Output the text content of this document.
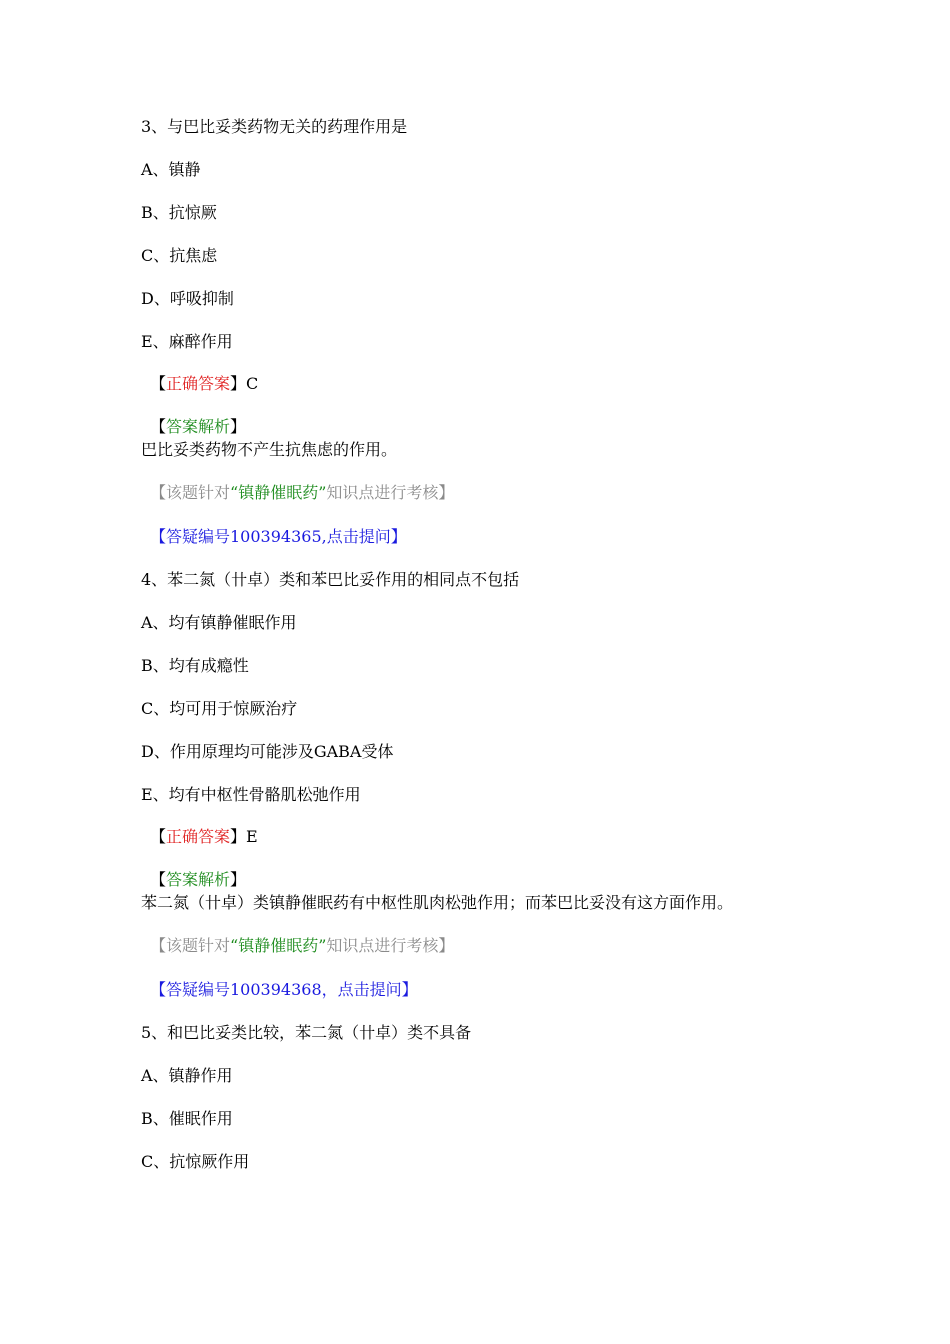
3、与巴比妥类药物无关的药理作用是
A、镇静
B、抗惊厥
C、抗焦虑
D、呼吸抑制
E、麻醉作用
【正确答案】C
【答案解析】
巴比妥类药物不产生抗焦虑的作用。
【该题针对“镇静催眠药”知识点进行考核】
【答疑编号100394365,点击提问】
4、苯二氮（卄卓）类和苯巴比妥作用的相同点不包括
A、均有镇静催眠作用
B、均有成瘾性
C、均可用于惊厥治疗
D、作用原理均可能涉及GABA受体
E、均有中枢性骨骼肌松弛作用
【正确答案】E
【答案解析】
苯二氮（卄卓）类镇静催眠药有中枢性肌肉松弛作用；而苯巴比妥没有这方面作用。
【该题针对“镇静催眠药”知识点进行考核】
【答疑编号100394368，点击提问】
5、和巴比妥类比较，苯二氮（卄卓）类不具备
A、镇静作用
B、催眠作用
C、抗惊厥作用
